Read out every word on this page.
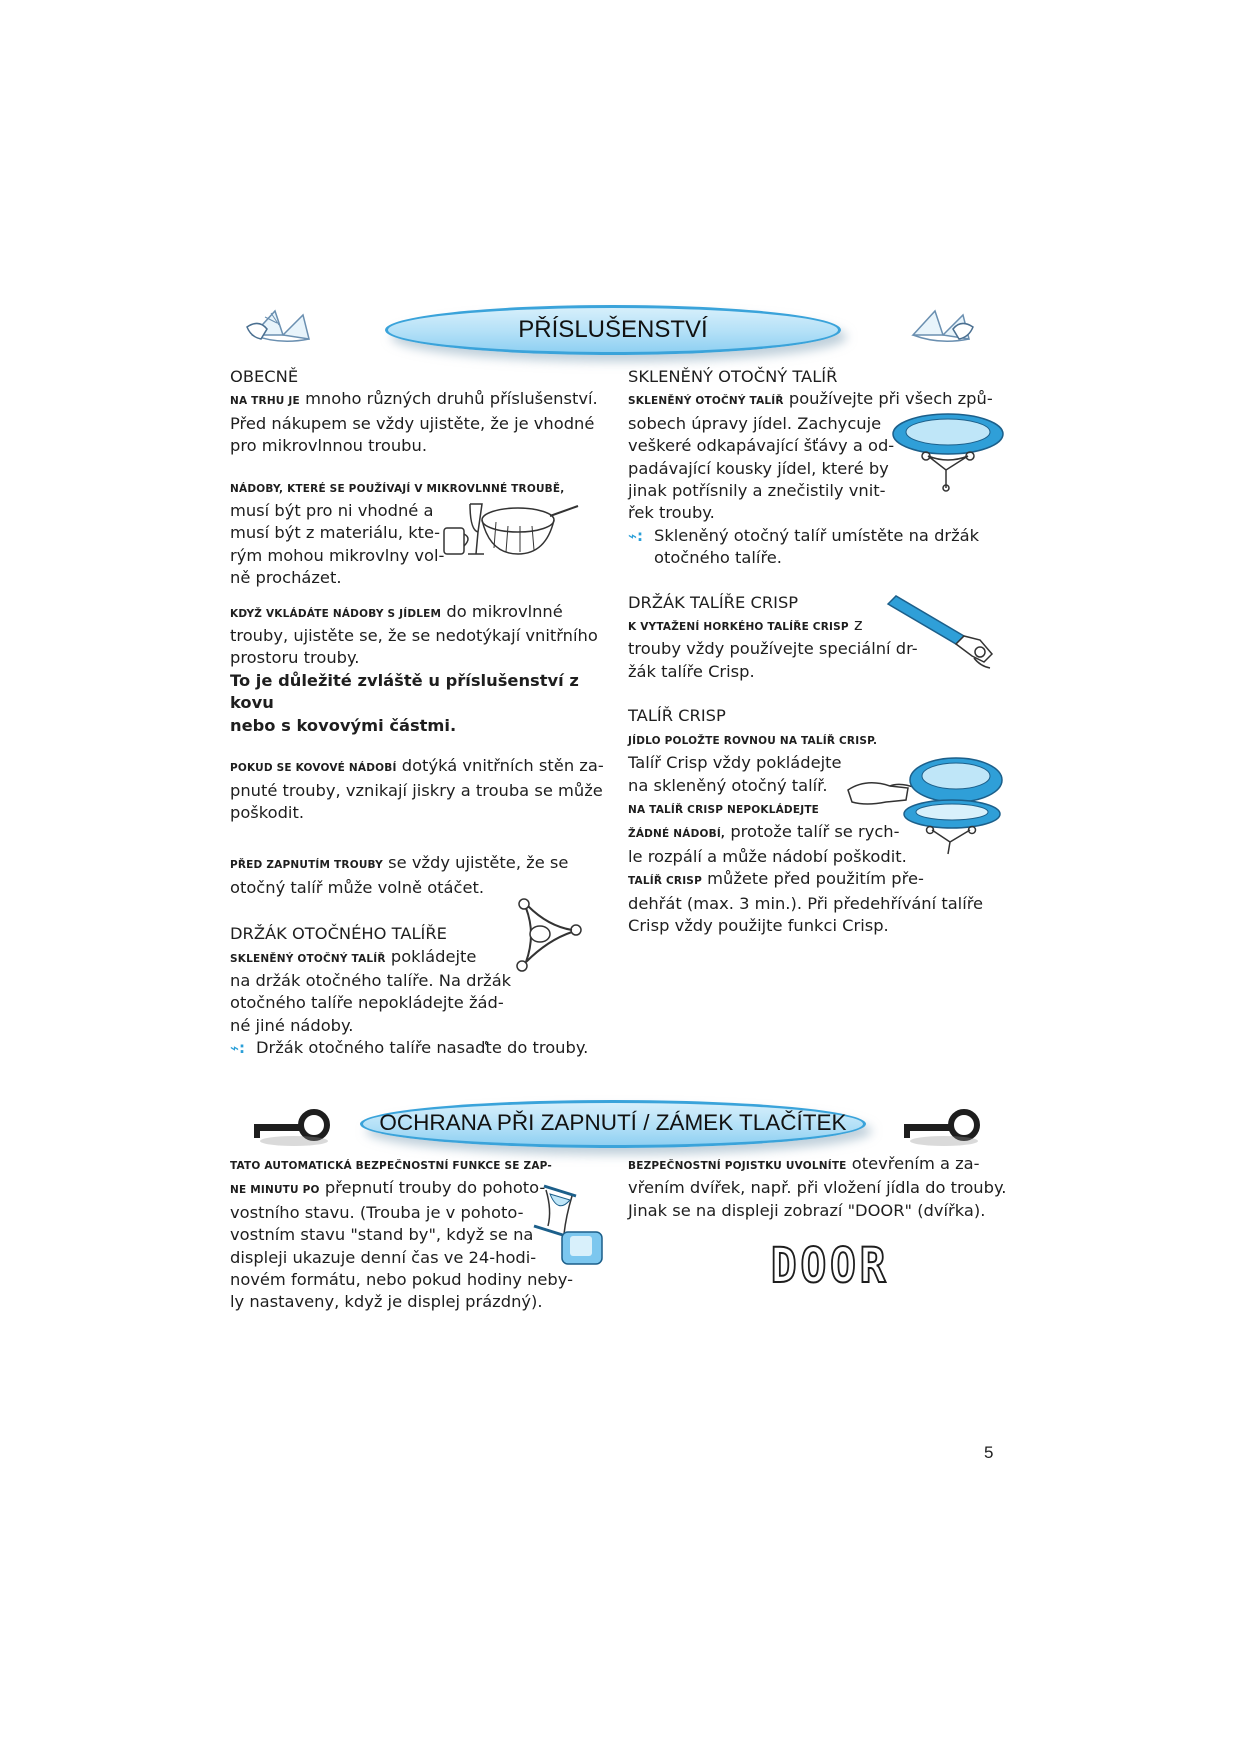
PŘÍSLUŠENSTVÍ

OBECNĚ

NA TRHU JE mnoho různých druhů příslušenství.

Před nákupem se vždy ujistěte, že je vhodné

pro mikrovlnnou troubu.

NÁDOBY, KTERÉ SE POUŽÍVAJÍ V MIKROVLNNÉ TROUBĚ,

musí být pro ni vhodné a

musí být z materiálu, kte-

rým mohou mikrovlny vol-

ně procházet.

KDYŽ VKLÁDÁTE NÁDOBY S JÍDLEM do mikrovlnné

trouby, ujistěte se, že se nedotýkají vnitřního

prostoru trouby.

To je důležité zvláště u příslušenství z kovu

nebo s kovovými částmi.

POKUD SE KOVOVÉ NÁDOBÍ dotýká vnitřních stěn za-

pnuté trouby, vznikají jiskry a trouba se může

poškodit.

PŘED ZAPNUTÍM TROUBY se vždy ujistěte, že se

otočný talíř může volně otáčet.

DRŽÁK OTOČNÉHO TALÍŘE

SKLENĚNÝ OTOČNÝ TALÍŘ pokládejte

na držák otočného talíře. Na držák

otočného talíře nepokládejte žád-

né jiné nádoby.

⌁: Držák otočného talíře nasaďte do trouby.

SKLENĚNÝ OTOČNÝ TALÍŘ

SKLENĚNÝ OTOČNÝ TALÍŘ používejte při všech způ-

sobech úpravy jídel. Zachycuje

veškeré odkapávající šťávy a od-

padávající kousky jídel, které by

jinak potřísnily a znečistily vnit-

řek trouby.

⌁: Skleněný otočný talíř umístěte na držák

otočného talíře.

DRŽÁK TALÍŘE CRISP

K VYTAŽENÍ HORKÉHO TALÍŘE CRISP z

trouby vždy používejte speciální dr-

žák talíře Crisp.

TALÍŘ CRISP

JÍDLO POLOŽTE ROVNOU NA TALÍŘ CRISP.

Talíř Crisp vždy pokládejte

na skleněný otočný talíř.

NA TALÍŘ CRISP NEPOKLÁDEJTE

ŽÁDNÉ NÁDOBÍ, protože talíř se rych-

le rozpálí a může nádobí poškodit.

TALÍŘ CRISP můžete před použitím pře-

dehřát (max. 3 min.). Při předehřívání talíře

Crisp vždy použijte funkci Crisp.

OCHRANA PŘI ZAPNUTÍ / ZÁMEK TLAČÍTEK

TATO AUTOMATICKÁ BEZPEČNOSTNÍ FUNKCE SE ZAP-

NE MINUTU PO přepnutí trouby do pohoto-

vostního stavu. (Trouba je v pohoto-

vostním stavu "stand by", když se na

displeji ukazuje denní čas ve 24-hodi-

novém formátu, nebo pokud hodiny neby-

ly nastaveny, když je displej prázdný).

BEZPEČNOSTNÍ POJISTKU UVOLNÍTE otevřením a za-

vřením dvířek, např. při vložení jídla do trouby.

Jinak se na displeji zobrazí "DOOR" (dvířka).

DOOR
5
